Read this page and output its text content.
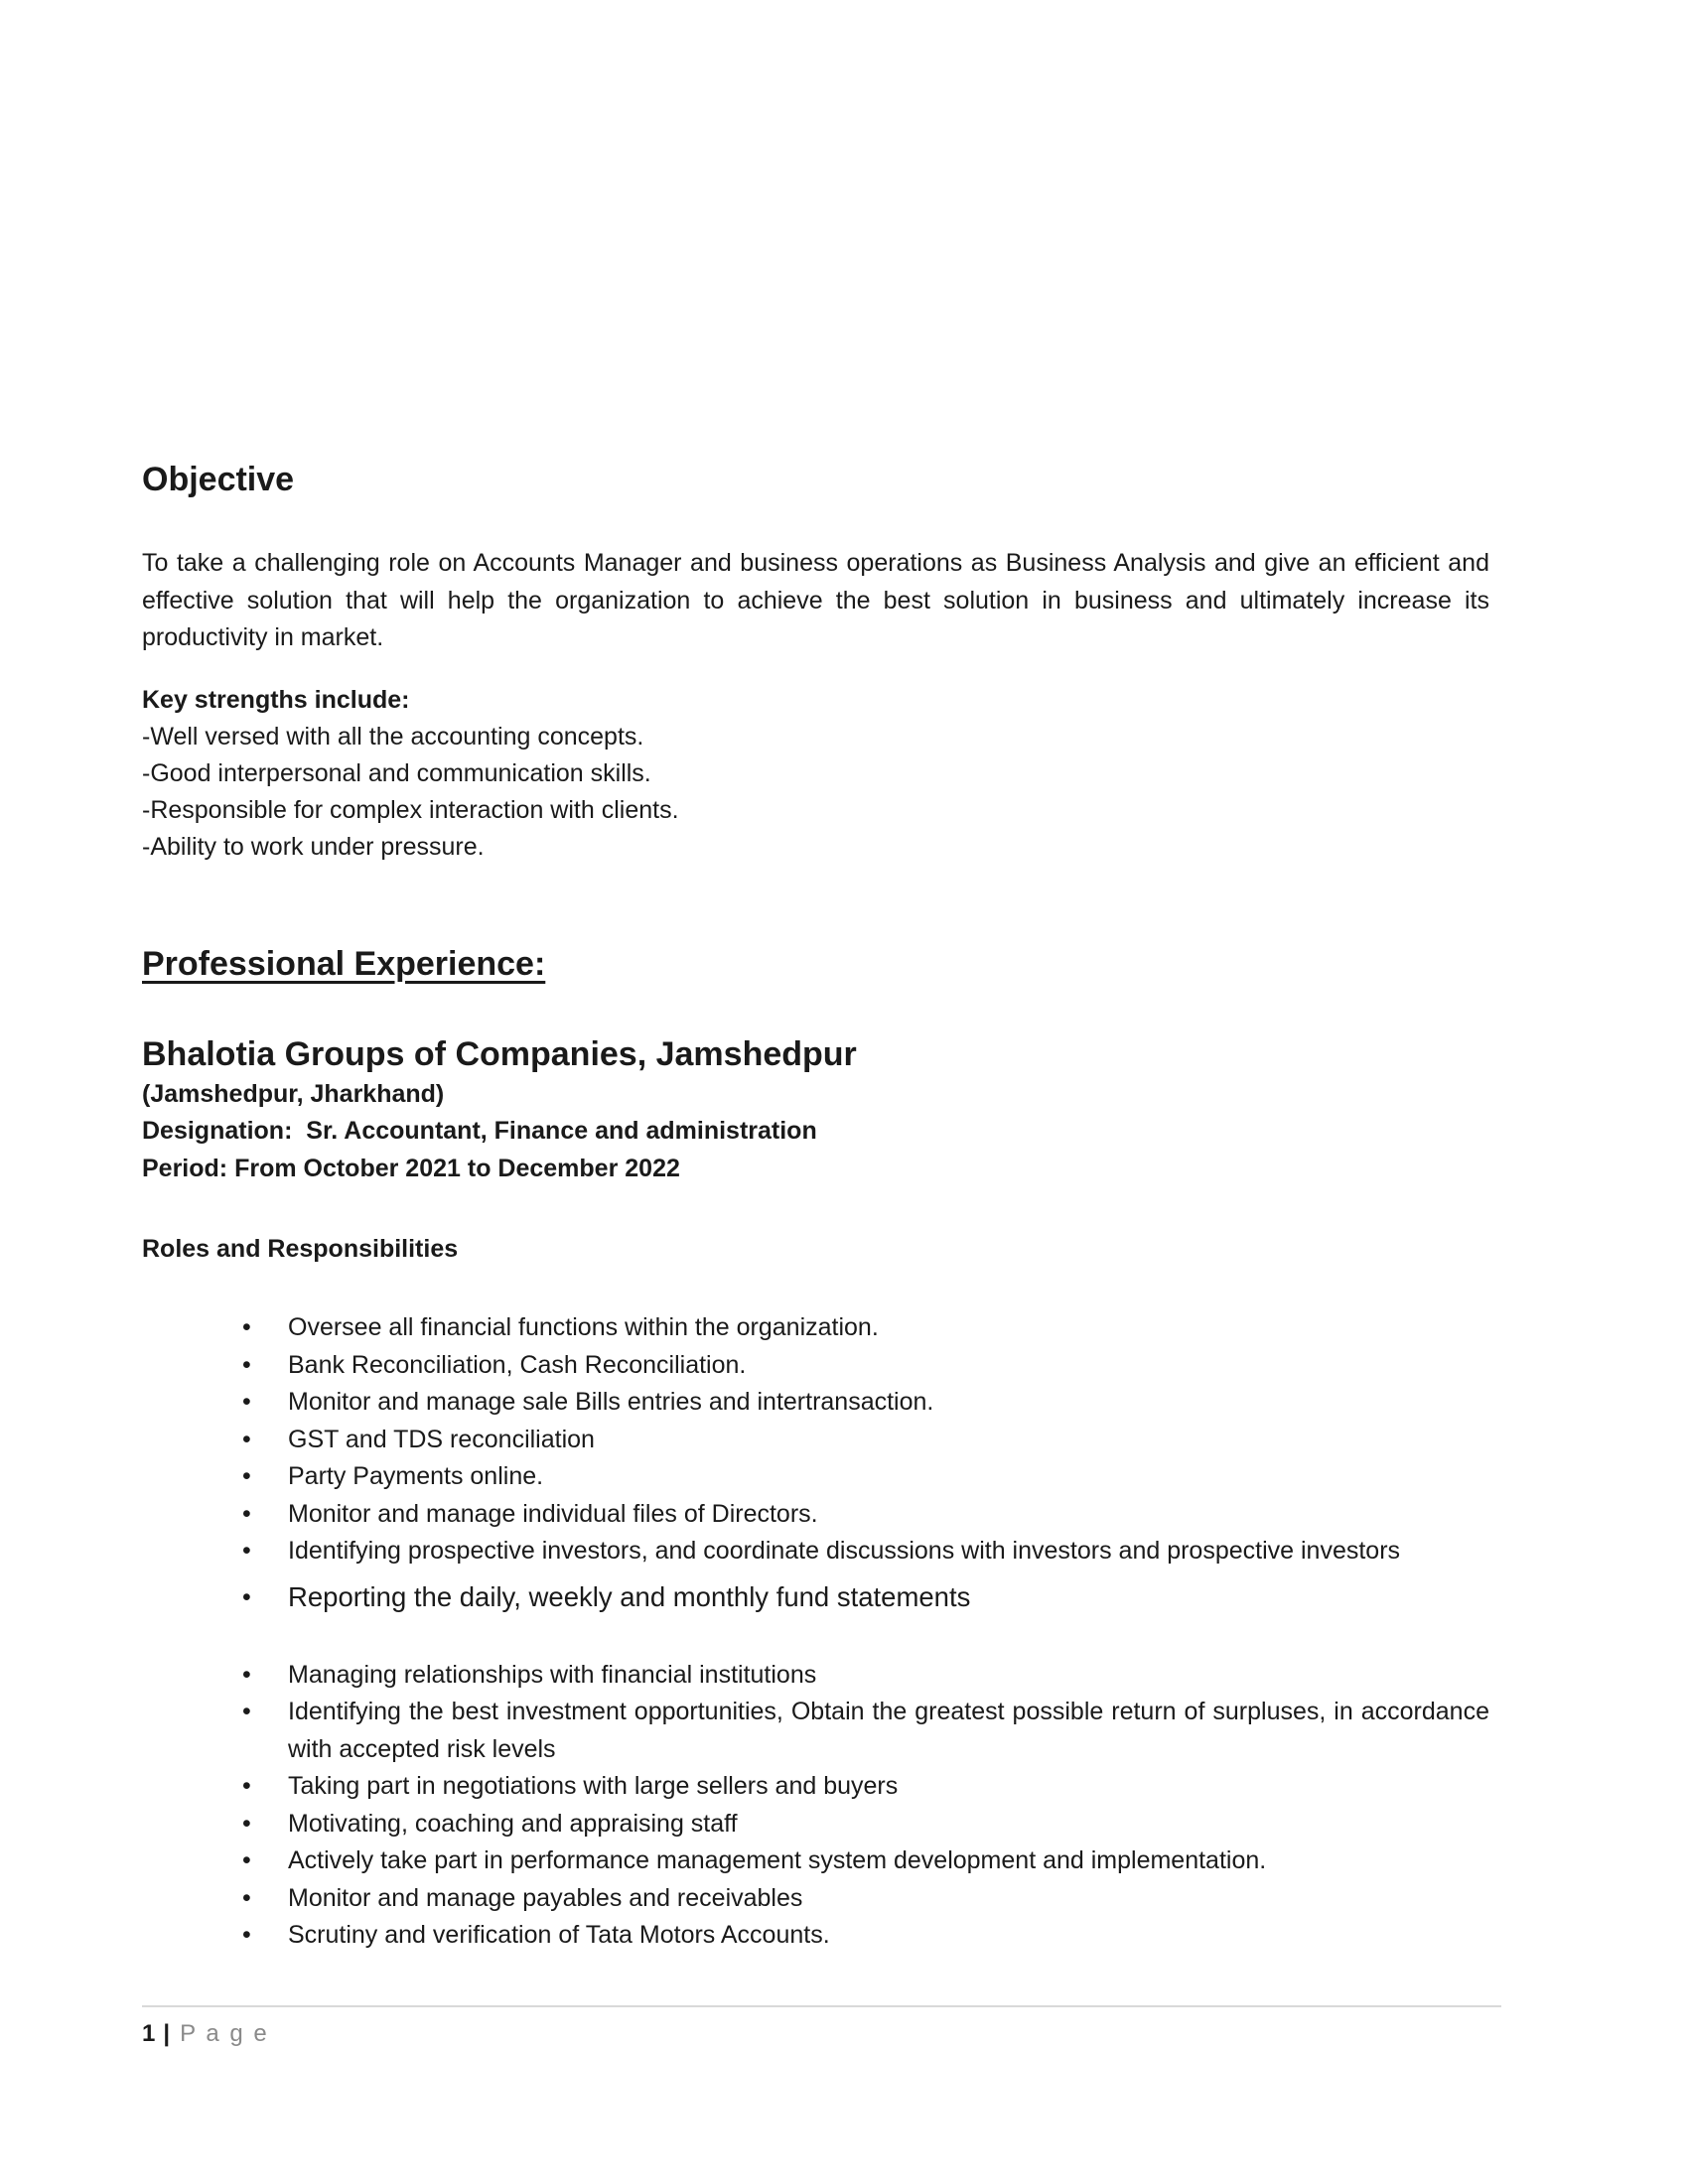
Objective

To take a challenging role on Accounts Manager and business operations as Business Analysis and give an efficient and effective solution that will help the organization to achieve the best solution in business and ultimately increase its productivity in market.

Key strengths include:
-Well versed with all the accounting concepts.
-Good interpersonal and communication skills.
-Responsible for complex interaction with clients.
-Ability to work under pressure.
Professional Experience:
Bhalotia Groups of Companies, Jamshedpur
(Jamshedpur, Jharkhand)
Designation:  Sr. Accountant, Finance and administration
Period: From October 2021 to December 2022
Roles and Responsibilities
• Oversee all financial functions within the organization.
• Bank Reconciliation, Cash Reconciliation.
• Monitor and manage sale Bills entries and intertransaction.
• GST and TDS reconciliation
• Party Payments online.
• Monitor and manage individual files of Directors.
• Identifying prospective investors, and coordinate discussions with investors and prospective investors
• Reporting the daily, weekly and monthly fund statements
• Managing relationships with financial institutions
• Identifying the best investment opportunities, Obtain the greatest possible return of surpluses, in accordance with accepted risk levels
• Taking part in negotiations with large sellers and buyers
• Motivating, coaching and appraising staff
• Actively take part in performance management system development and implementation.
• Monitor and manage payables and receivables
• Scrutiny and verification of Tata Motors Accounts.
1 | P a g e
